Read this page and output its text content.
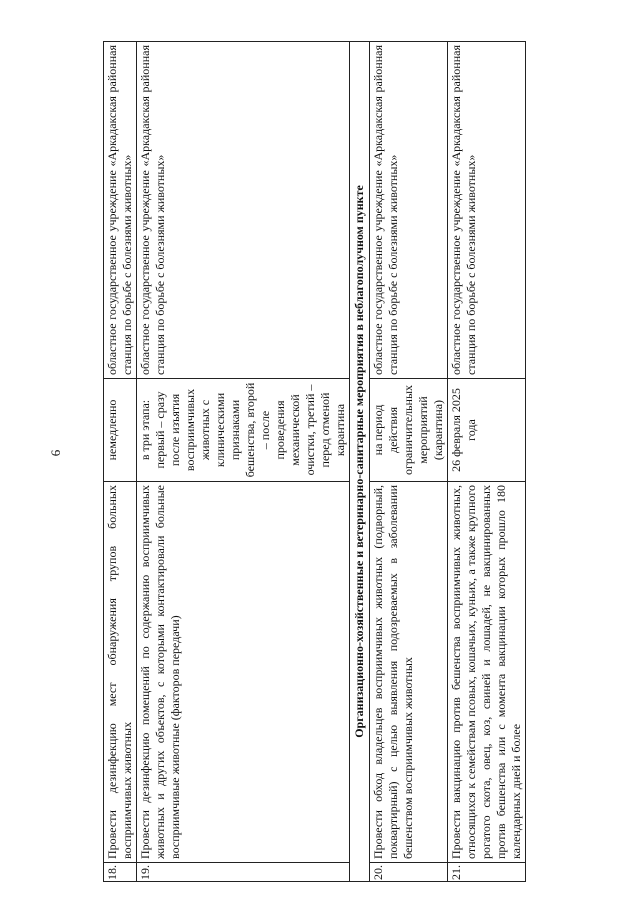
6
18.	Провести дезинфекцию мест обнаружения трупов больных восприимчивых животных	немедленно	областное государственное учреждение «Аркадакская районная станция по борьбе с болезнями животных»
19.	Провести дезинфекцию помещений по содержанию восприимчивых животных и других объектов, с которыми контактировали больные восприимчивые животные (факторов передачи)	в три этапа: первый – сразу после изъятия восприимчивых животных с клиническими признаками бешенства, второй – после проведения механической очистки, третий – перед отменой карантина	областное государственное учреждение «Аркадакская районная станция по борьбе с болезнями животных»
Организационно-хозяйственные и ветеринарно-санитарные мероприятия в неблагополучном пункте			
20.	Провести обход владельцев восприимчивых животных (подворный, поквартирный) с целью выявления подозреваемых в заболевании бешенством восприимчивых животных	на период действия ограничительных мероприятий (карантина)	областное государственное учреждение «Аркадакская районная станция по борьбе с болезнями животных»
21.	Провести вакцинацию против бешенства восприимчивых животных, относящихся к семействам псовых, кошачьих, куньих, а также крупного рогатого скота, овец, коз, свиней и лошадей, не вакцинированных против бешенства или с момента вакцинации которых прошло 180 календарных дней и более	26 февраля 2025 года	областное государственное учреждение «Аркадакская районная станция по борьбе с болезнями животных»
